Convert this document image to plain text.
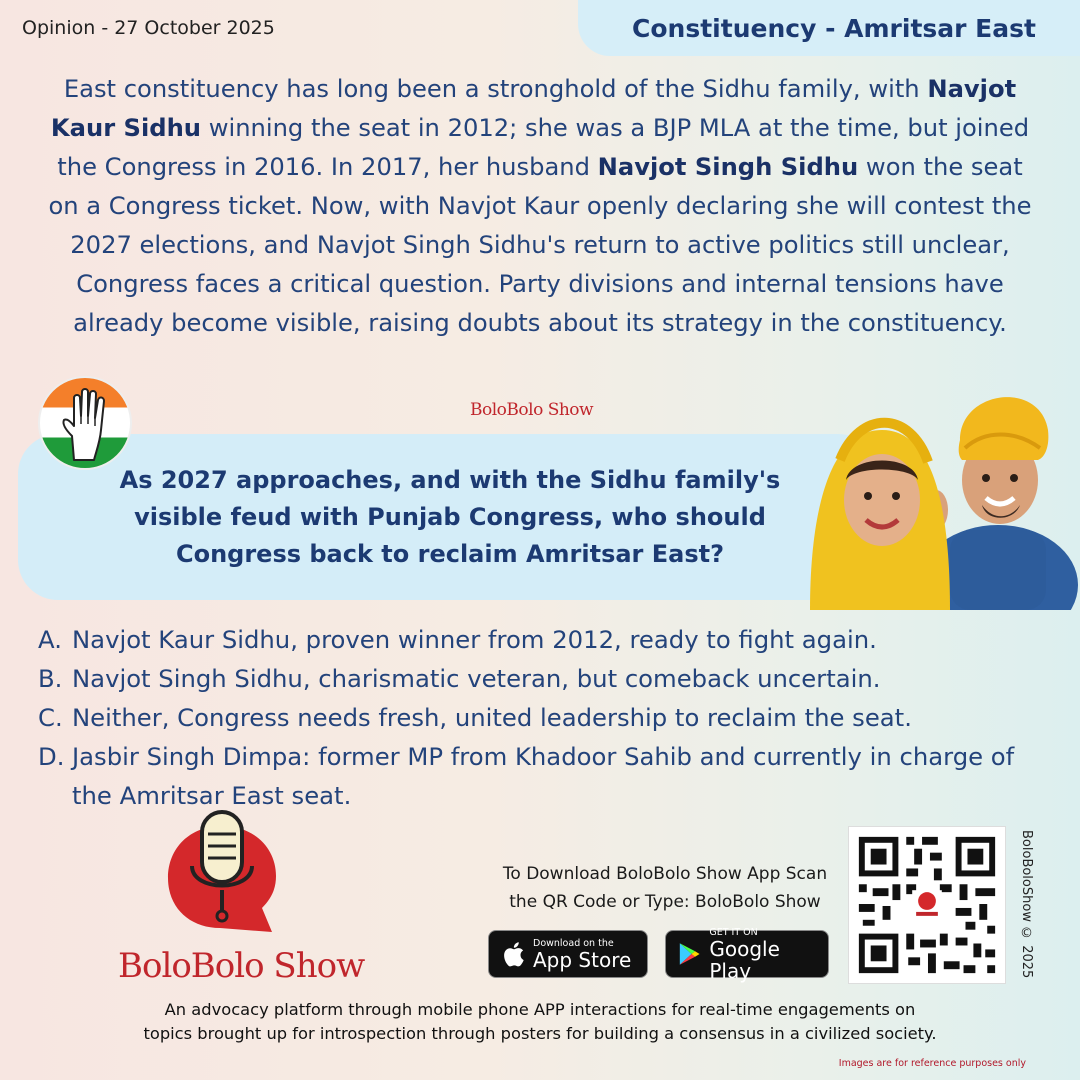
Opinion - 27 October 2025	Constituency - Amritsar East
East constituency has long been a stronghold of the Sidhu family, with Navjot Kaur Sidhu winning the seat in 2012; she was a BJP MLA at the time, but joined the Congress in 2016. In 2017, her husband Navjot Singh Sidhu won the seat on a Congress ticket. Now, with Navjot Kaur openly declaring she will contest the 2027 elections, and Navjot Singh Sidhu's return to active politics still unclear, Congress faces a critical question. Party divisions and internal tensions have already become visible, raising doubts about its strategy in the constituency.
BoloBolo Show
As 2027 approaches, and with the Sidhu family's visible feud with Punjab Congress, who should Congress back to reclaim Amritsar East?
A. Navjot Kaur Sidhu, proven winner from 2012, ready to fight again.
B. Navjot Singh Sidhu, charismatic veteran, but comeback uncertain.
C. Neither, Congress needs fresh, united leadership to reclaim the seat.
D. Jasbir Singh Dimpa: former MP from Khadoor Sahib and currently in charge of the Amritsar East seat.
BoloBolo Show
To Download BoloBolo Show App Scan
the QR Code or Type: BoloBolo Show
Download on the
App Store
GET IT ON
Google Play	BoloBoloShow © 2025
An advocacy platform through mobile phone APP interactions for real-time engagements on
topics brought up for introspection through posters for building a consensus in a civilized society.
Images are for reference purposes only
